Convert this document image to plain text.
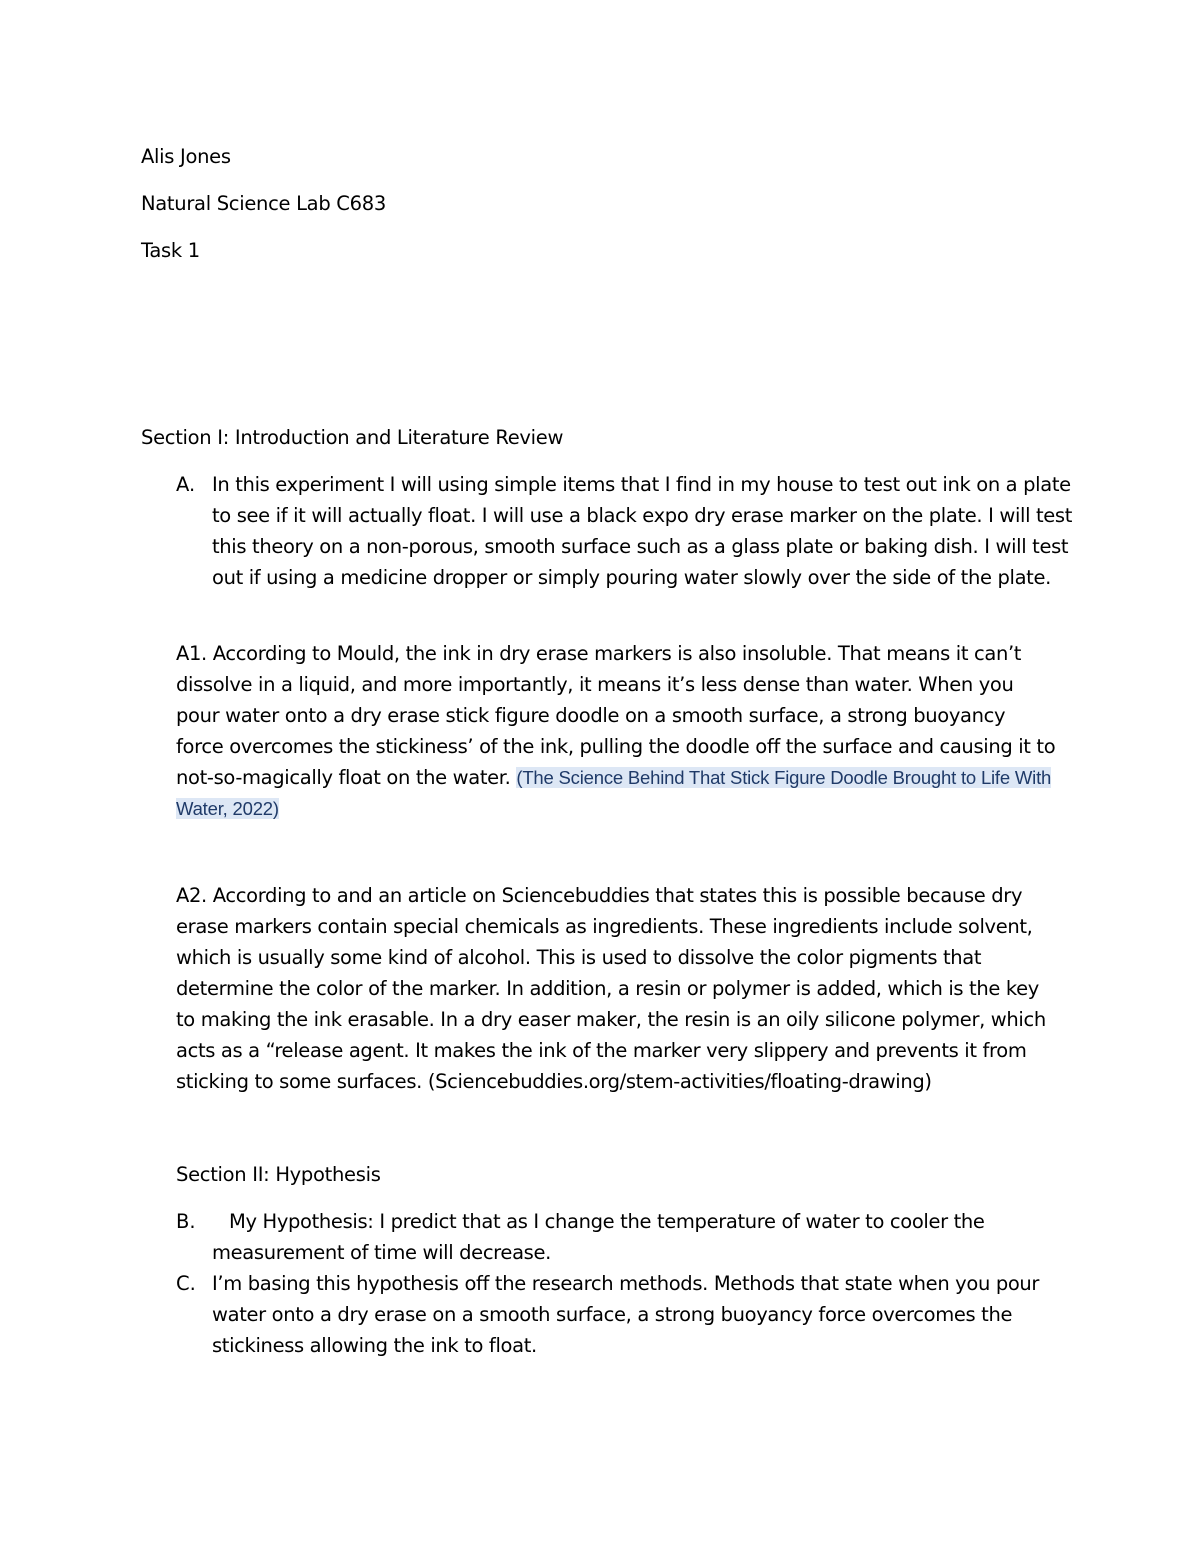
Alis Jones
Natural Science Lab C683
Task 1
Section I: Introduction and Literature Review
A. In this experiment I will using simple items that I find in my house to test out ink on a plate to see if it will actually float. I will use a black expo dry erase marker on the plate. I will test this theory on a non-porous, smooth surface such as a glass plate or baking dish. I will test out if using a medicine dropper or simply pouring water slowly over the side of the plate.
A1. According to Mould, the ink in dry erase markers is also insoluble. That means it can’t dissolve in a liquid, and more importantly, it means it’s less dense than water. When you pour water onto a dry erase stick figure doodle on a smooth surface, a strong buoyancy force overcomes the stickiness’ of the ink, pulling the doodle off the surface and causing it to not-so-magically float on the water. (The Science Behind That Stick Figure Doodle Brought to Life With Water, 2022)
A2. According to and an article on Sciencebuddies that states this is possible because dry erase markers contain special chemicals as ingredients. These ingredients include solvent, which is usually some kind of alcohol. This is used to dissolve the color pigments that determine the color of the marker. In addition, a resin or polymer is added, which is the key to making the ink erasable. In a dry easer maker, the resin is an oily silicone polymer, which acts as a “release agent. It makes the ink of the marker very slippery and prevents it from sticking to some surfaces. (Sciencebuddies.org/stem-activities/floating-drawing)
Section II: Hypothesis
B.	My Hypothesis: I predict that as I change the temperature of water to cooler the measurement of time will decrease.
C. I’m basing this hypothesis off the research methods. Methods that state when you pour water onto a dry erase on a smooth surface, a strong buoyancy force overcomes the stickiness allowing the ink to float.
